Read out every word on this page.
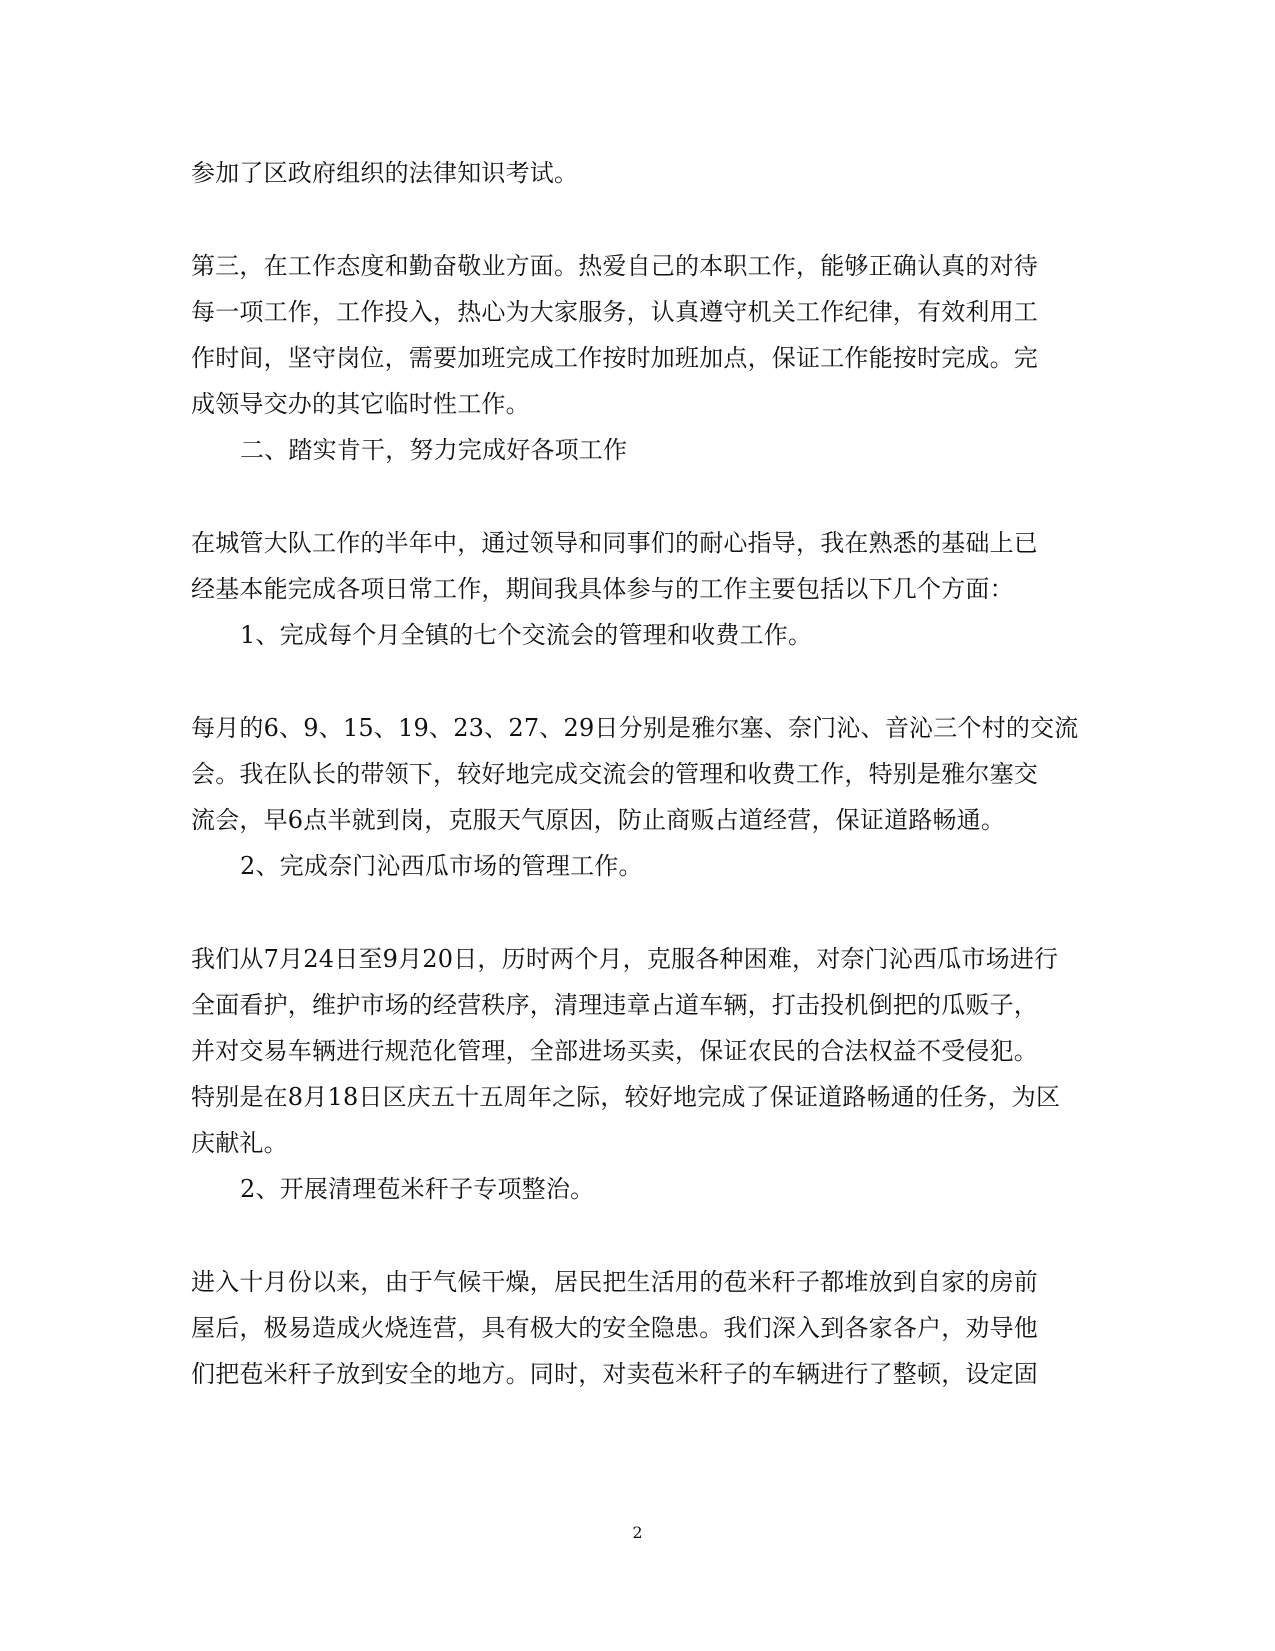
参加了区政府组织的法律知识考试。
第三，在工作态度和勤奋敬业方面。热爱自己的本职工作，能够正确认真的对待
每一项工作，工作投入，热心为大家服务，认真遵守机关工作纪律，有效利用工
作时间，坚守岗位，需要加班完成工作按时加班加点，保证工作能按时完成。完
成领导交办的其它临时性工作。
二、踏实肯干，努力完成好各项工作
在城管大队工作的半年中，通过领导和同事们的耐心指导，我在熟悉的基础上已
经基本能完成各项日常工作，期间我具体参与的工作主要包括以下几个方面：
1、完成每个月全镇的七个交流会的管理和收费工作。
每月的6、9、15、19、23、27、29日分别是雅尔塞、奈门沁、音沁三个村的交流
会。我在队长的带领下，较好地完成交流会的管理和收费工作，特别是雅尔塞交
流会，早6点半就到岗，克服天气原因，防止商贩占道经营，保证道路畅通。
2、完成奈门沁西瓜市场的管理工作。
我们从7月24日至9月20日，历时两个月，克服各种困难，对奈门沁西瓜市场进行
全面看护，维护市场的经营秩序，清理违章占道车辆，打击投机倒把的瓜贩子，
并对交易车辆进行规范化管理，全部进场买卖，保证农民的合法权益不受侵犯。
特别是在8月18日区庆五十五周年之际，较好地完成了保证道路畅通的任务，为区
庆献礼。
2、开展清理苞米秆子专项整治。
进入十月份以来，由于气候干燥，居民把生活用的苞米秆子都堆放到自家的房前
屋后，极易造成火烧连营，具有极大的安全隐患。我们深入到各家各户，劝导他
们把苞米秆子放到安全的地方。同时，对卖苞米秆子的车辆进行了整顿，设定固
2
